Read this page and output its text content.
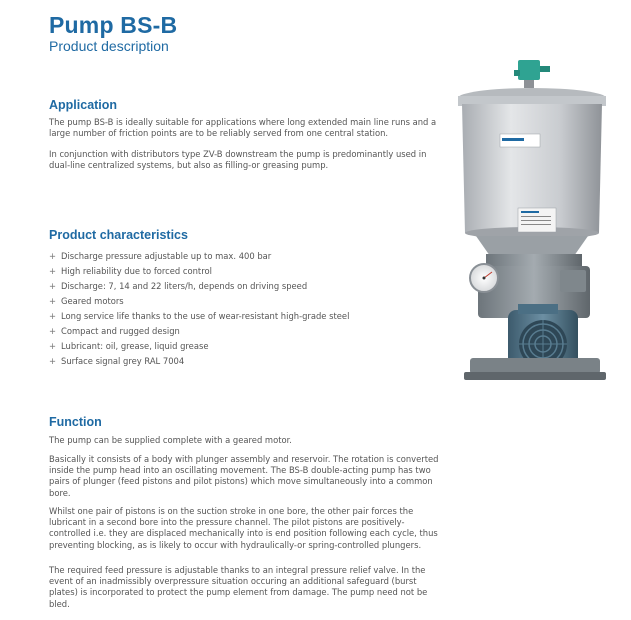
Pump BS-B
Product description
Application

The pump BS-B is ideally suitable for applications where long extended main line runs and a
large number of friction points are to be reliably served from one central station.

In conjunction with distributors type ZV-B downstream the pump is predominantly used in
dual-line centralized systems, but also as filling-or greasing pump.

Product characteristics
+ Discharge pressure adjustable up to max. 400 bar
+ High reliability due to forced control
+ Discharge: 7, 14 and 22 liters/h, depends on driving speed
+ Geared motors
+ Long service life thanks to the use of wear-resistant high-grade steel
+ Compact and rugged design
+ Lubricant: oil, grease, liquid grease
+ Surface signal grey RAL 7004
Function

The pump can be supplied complete with a geared motor.

Basically it consists of a body with plunger assembly and reservoir. The rotation is converted
inside the pump head into an oscillating movement. The BS-B double-acting pump has two
pairs of plunger (feed pistons and pilot pistons) which move simultaneously into a common
bore.

Whilst one pair of pistons is on the suction stroke in one bore, the other pair forces the
lubricant in a second bore into the pressure channel. The pilot pistons are positively-
controlled i.e. they are displaced mechanically into is end position following each cycle, thus
preventing blocking, as is likely to occur with hydraulically-or spring-controlled plungers.

The required feed pressure is adjustable thanks to an integral pressure relief valve. In the
event of an inadmissibly overpressure situation occuring an additional safeguard (burst
plates) is incorporated to protect the pump element from damage. The pump need not be
bled.
